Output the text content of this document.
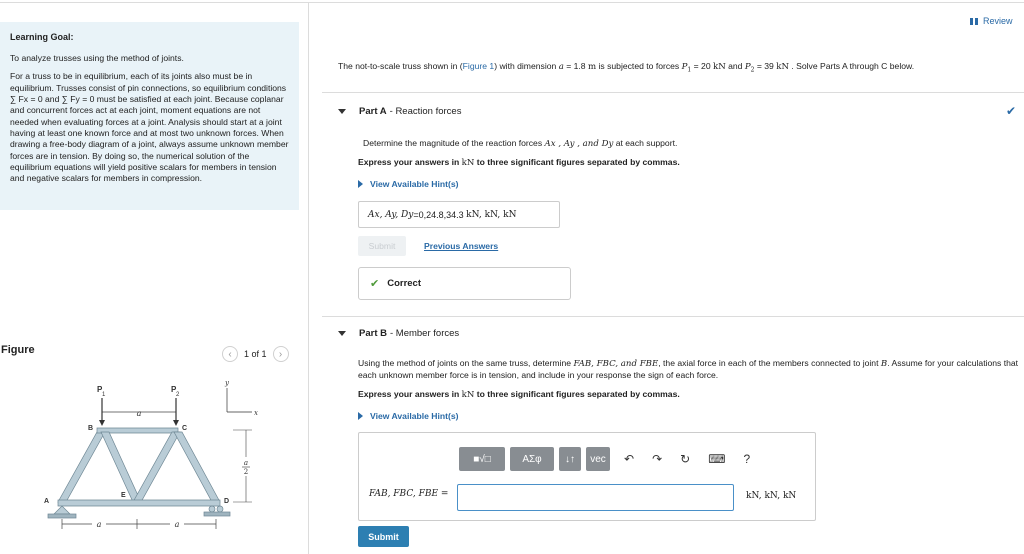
Learning Goal:
To analyze trusses using the method of joints.
For a truss to be in equilibrium, each of its joints also must be in equilibrium. Trusses consist of pin connections, so equilibrium conditions ∑ Fx = 0 and ∑ Fy = 0 must be satisfied at each joint. Because coplanar and concurrent forces act at each joint, moment equations are not needed when evaluating forces at a joint. Analysis should start at a joint having at least one known force and at most two unknown forces. When drawing a free-body diagram of a joint, always assume unknown member forces are in tension. By doing so, the numerical solution of the equilibrium equations will yield positive scalars for members in tension and negative scalars for members in compression.
Figure	‹	1 of 1	›
a
P
1
P
2
y
x
B	C
A
E
D
a
2
a	a
Review
The not-to-scale truss shown in (Figure 1) with dimension a = 1.8 m is subjected to forces $P_1 = 20$ kN and $P_2 = 39$ kN . Solve Parts A through C below.
Part A - Reaction forces	✔
Determine the magnitude of the reaction forces Ax , Ay , and Dy at each support.
Express your answers in kN to three significant figures separated by commas.
View Available Hint(s)
Ax, Ay, Dy = 0,24.8,34.3
kN, kN, kN
Submit	Previous Answers
✔ Correct
Part B - Member forces
Using the method of joints on the same truss, determine FAB, FBC, and FBE, the axial force in each of the members connected to joint B. Assume for your calculations that each unknown member force is in tension, and include in your response the sign of each force.
Express your answers in kN to three significant figures separated by commas.
View Available Hint(s)
■√□	ΑΣφ	↓↑	vec	↶ ↷ ↻ ⌨ ?
FAB, FBC, FBE =	kN, kN, kN
Submit
